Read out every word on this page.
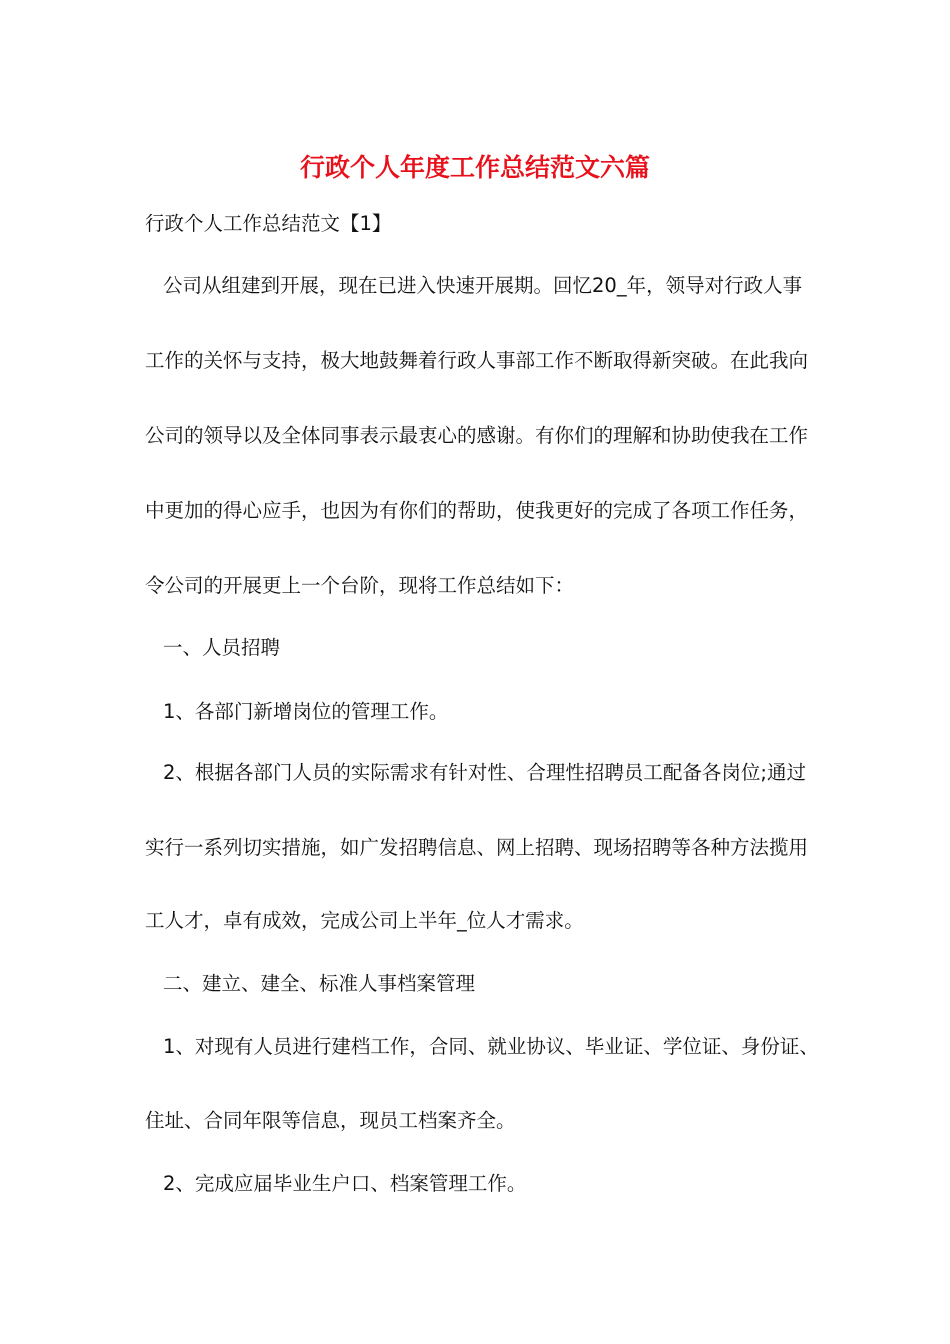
行政个人年度工作总结范文六篇
行政个人工作总结范文【1】
公司从组建到开展，现在已进入快速开展期。回忆20_年，领导对行政人事
工作的关怀与支持，极大地鼓舞着行政人事部工作不断取得新突破。在此我向
公司的领导以及全体同事表示最衷心的感谢。有你们的理解和协助使我在工作
中更加的得心应手，也因为有你们的帮助，使我更好的完成了各项工作任务，
令公司的开展更上一个台阶，现将工作总结如下：
一、人员招聘
1、各部门新增岗位的管理工作。
2、根据各部门人员的实际需求有针对性、合理性招聘员工配备各岗位;通过
实行一系列切实措施，如广发招聘信息、网上招聘、现场招聘等各种方法揽用
工人才，卓有成效，完成公司上半年_位人才需求。
二、建立、建全、标准人事档案管理
1、对现有人员进行建档工作，合同、就业协议、毕业证、学位证、身份证、
住址、合同年限等信息，现员工档案齐全。
2、完成应届毕业生户口、档案管理工作。
